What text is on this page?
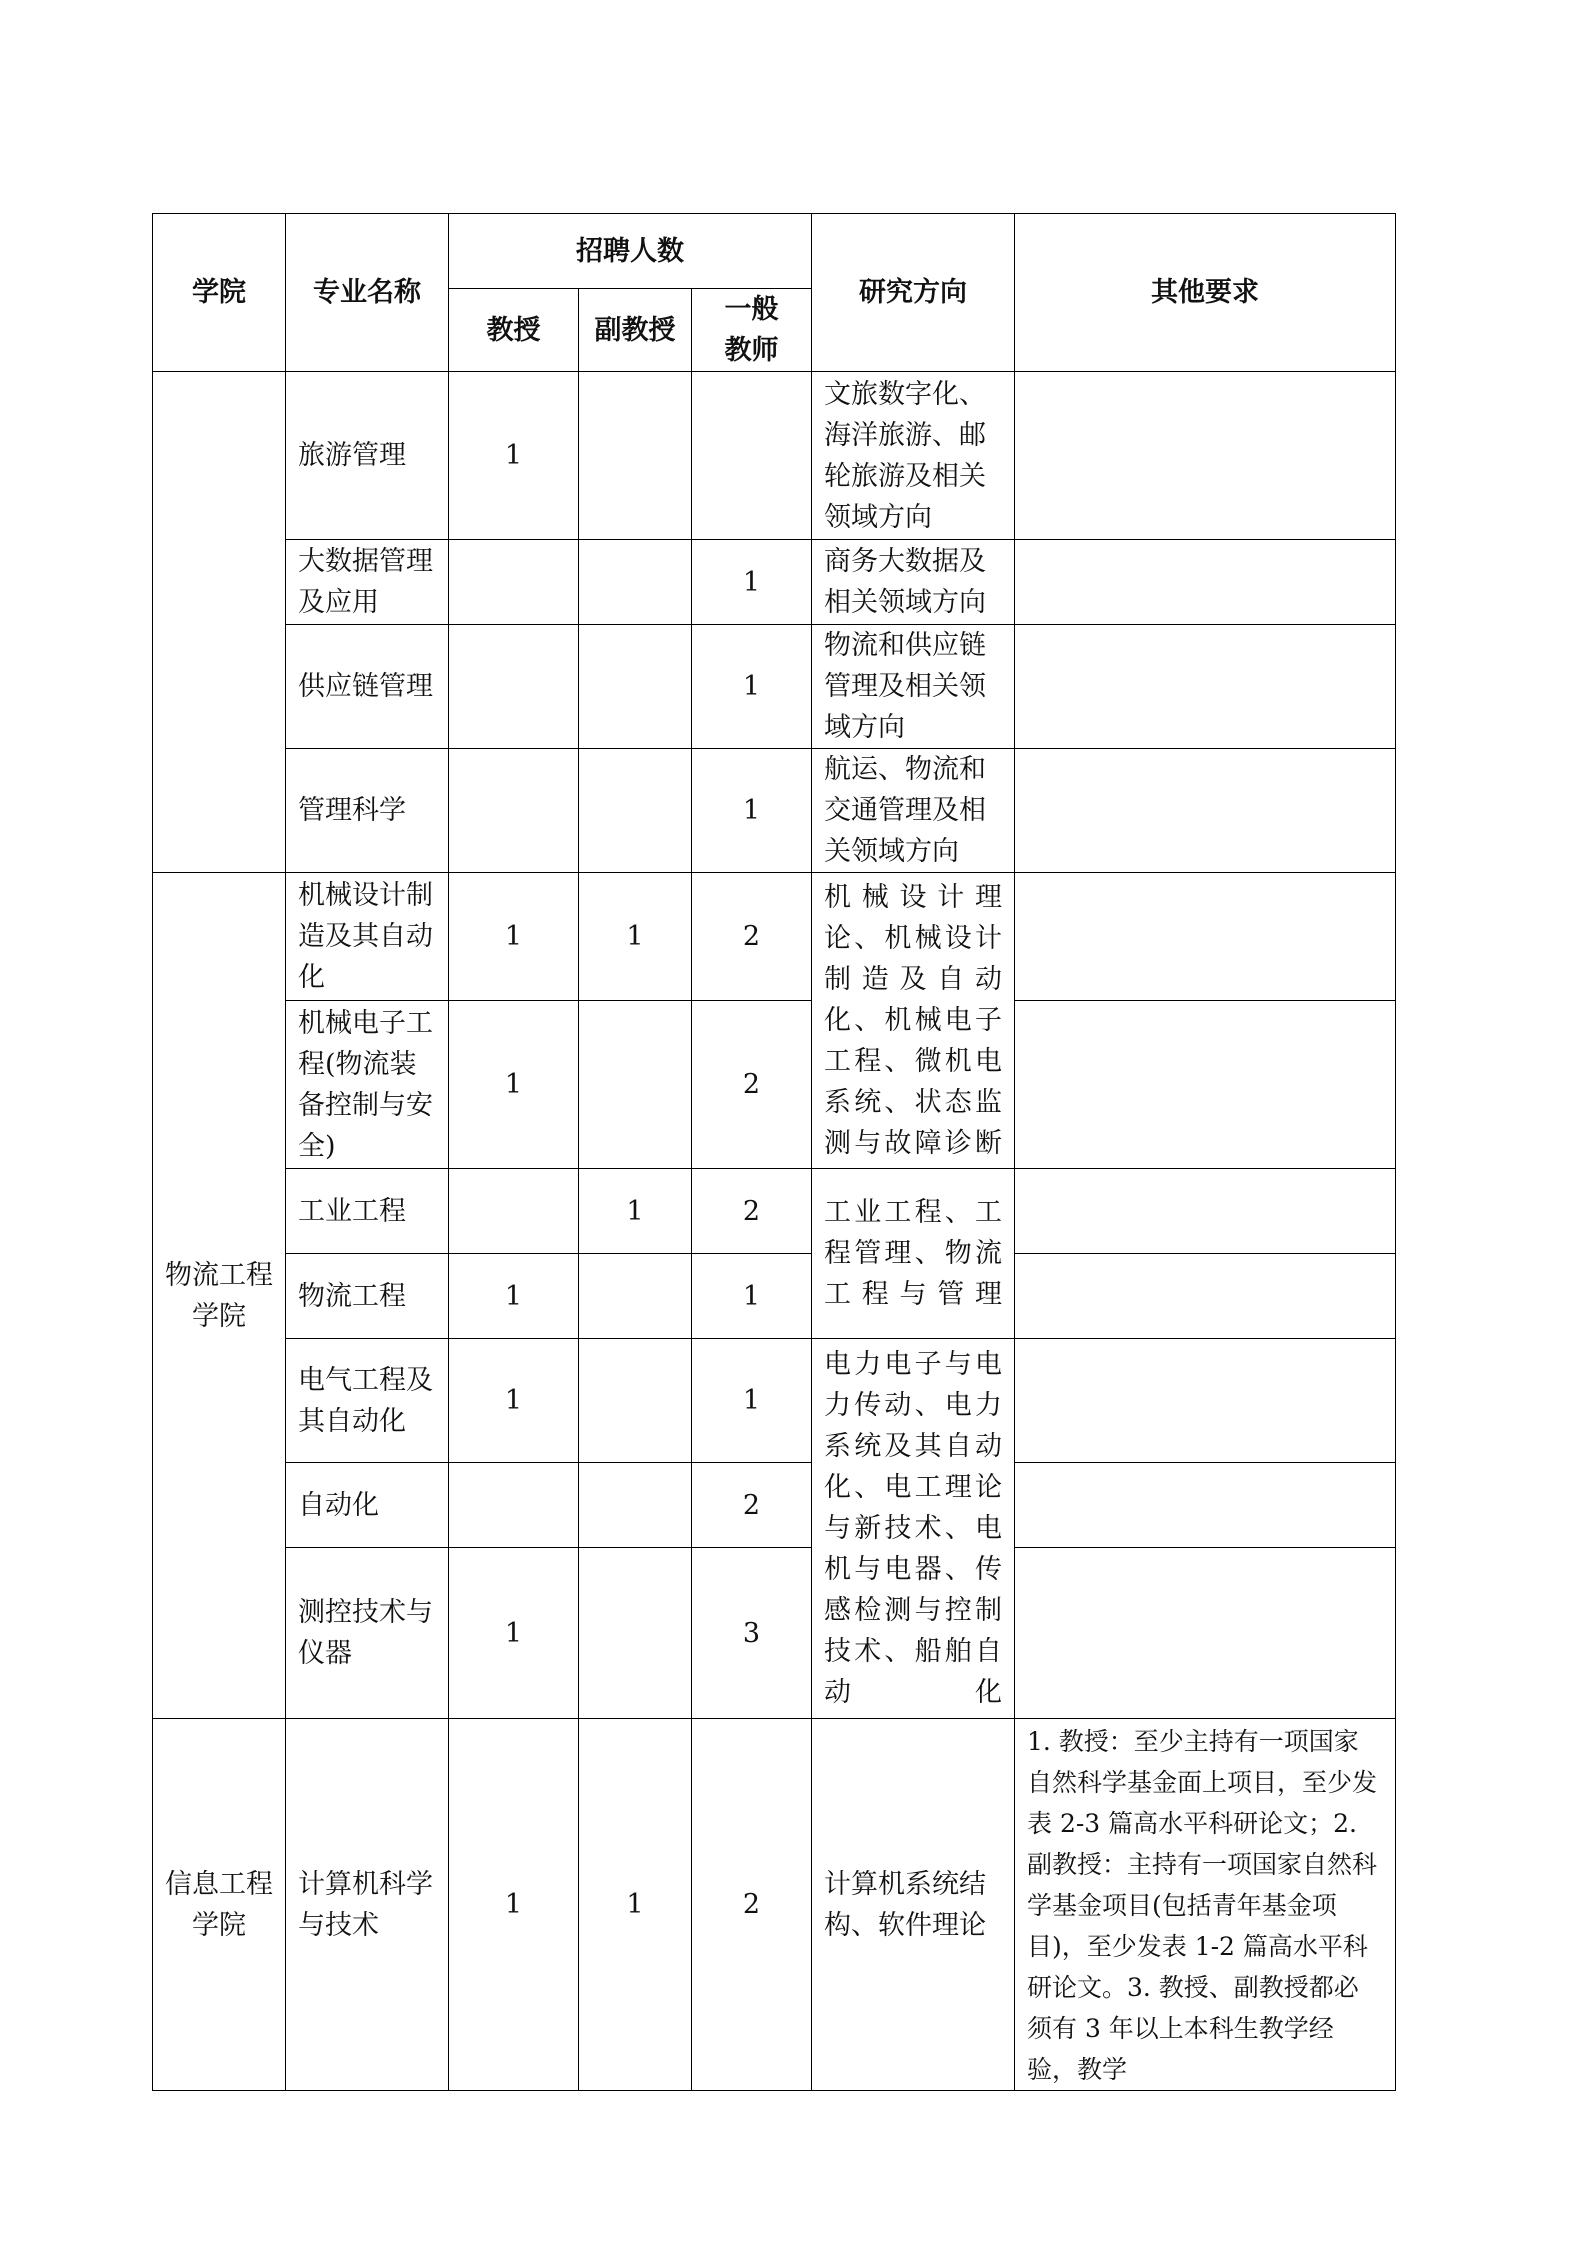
学院	专业名称	招聘人数			研究方向	其他要求
		教授	副教授	一般教师		
	旅游管理	1			文旅数字化、海洋旅游、邮轮旅游及相关领域方向	
	大数据管理及应用			1	商务大数据及相关领域方向	
	供应链管理			1	物流和供应链管理及相关领域方向	
	管理科学			1	航运、物流和交通管理及相关领域方向	
物流工程学院	机械设计制造及其自动化	1	1	2	机械设计理论、机械设计制造及自动化、机械电子工程、微机电系统、状态监测与故障诊断	
	机械电子工程(物流装备控制与安全)	1		2		
	工业工程		1	2	工业工程、工程管理、物流工程与管理	
	物流工程	1		1		
	电气工程及其自动化	1		1	电力电子与电力传动、电力系统及其自动化、电工理论与新技术、电机与电器、传感检测与控制技术、船舶自动化	
	自动化			2		
	测控技术与仪器	1		3		
信息工程学院	计算机科学与技术	1	1	2	计算机系统结构、软件理论	1. 教授：至少主持有一项国家自然科学基金面上项目，至少发表 2-3 篇高水平科研论文；2. 副教授：主持有一项国家自然科学基金项目(包括青年基金项目)，至少发表 1-2 篇高水平科研论文。3. 教授、副教授都必须有 3 年以上本科生教学经验，教学
